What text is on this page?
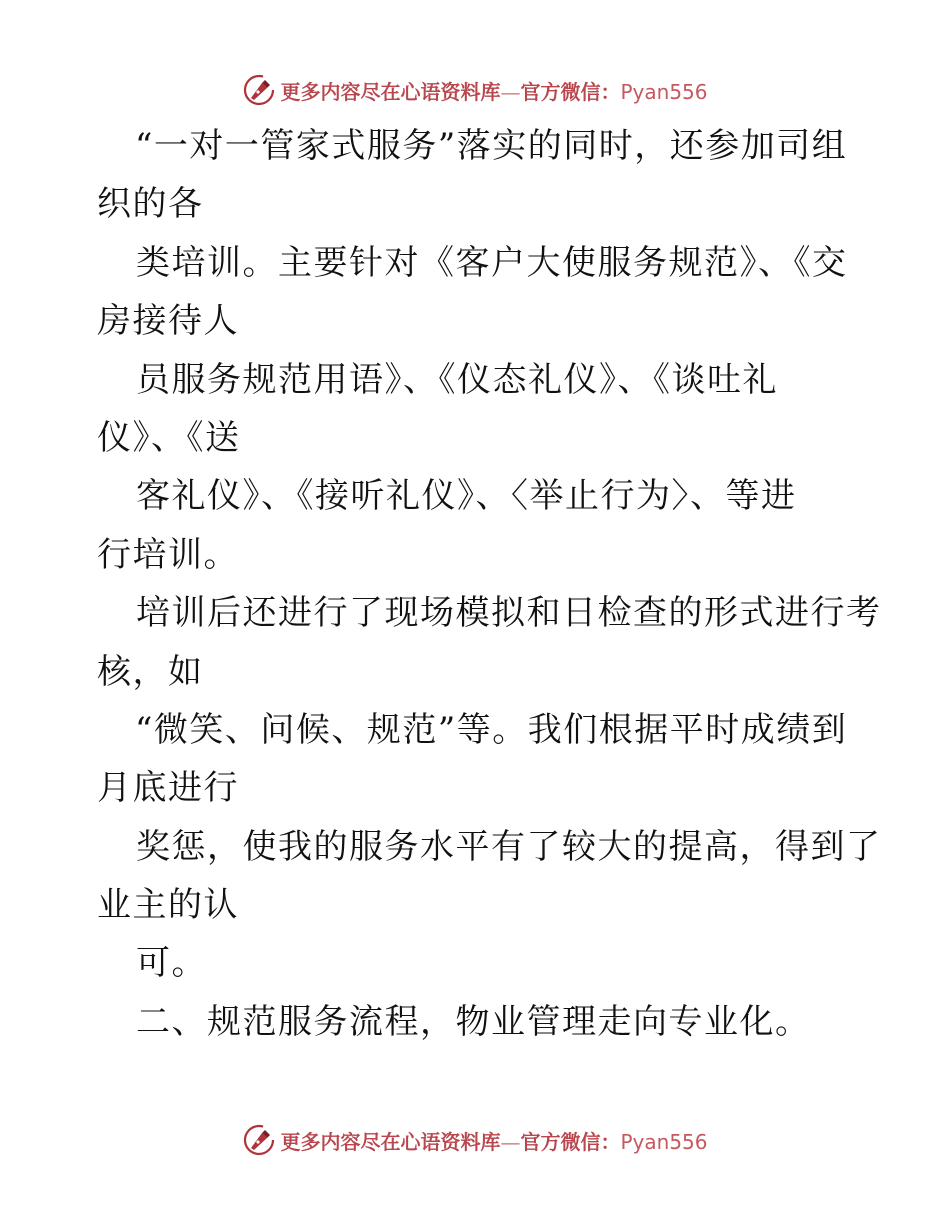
更多内容尽在心语资料库—官方微信：Pyan556
“一对一管家式服务”落实的同时，还参加司组
织的各
类培训。主要针对《客户大使服务规范》、《交
房接待人
员服务规范用语》、《仪态礼仪》、《谈吐礼
仪》、《送
客礼仪》、《接听礼仪》、〈举止行为〉、等进
行培训。
培训后还进行了现场模拟和日检查的形式进行考
核，如
“微笑、问候、规范”等。我们根据平时成绩到
月底进行
奖惩，使我的服务水平有了较大的提高，得到了
业主的认
可。
二、规范服务流程，物业管理走向专业化。
更多内容尽在心语资料库—官方微信：Pyan556
